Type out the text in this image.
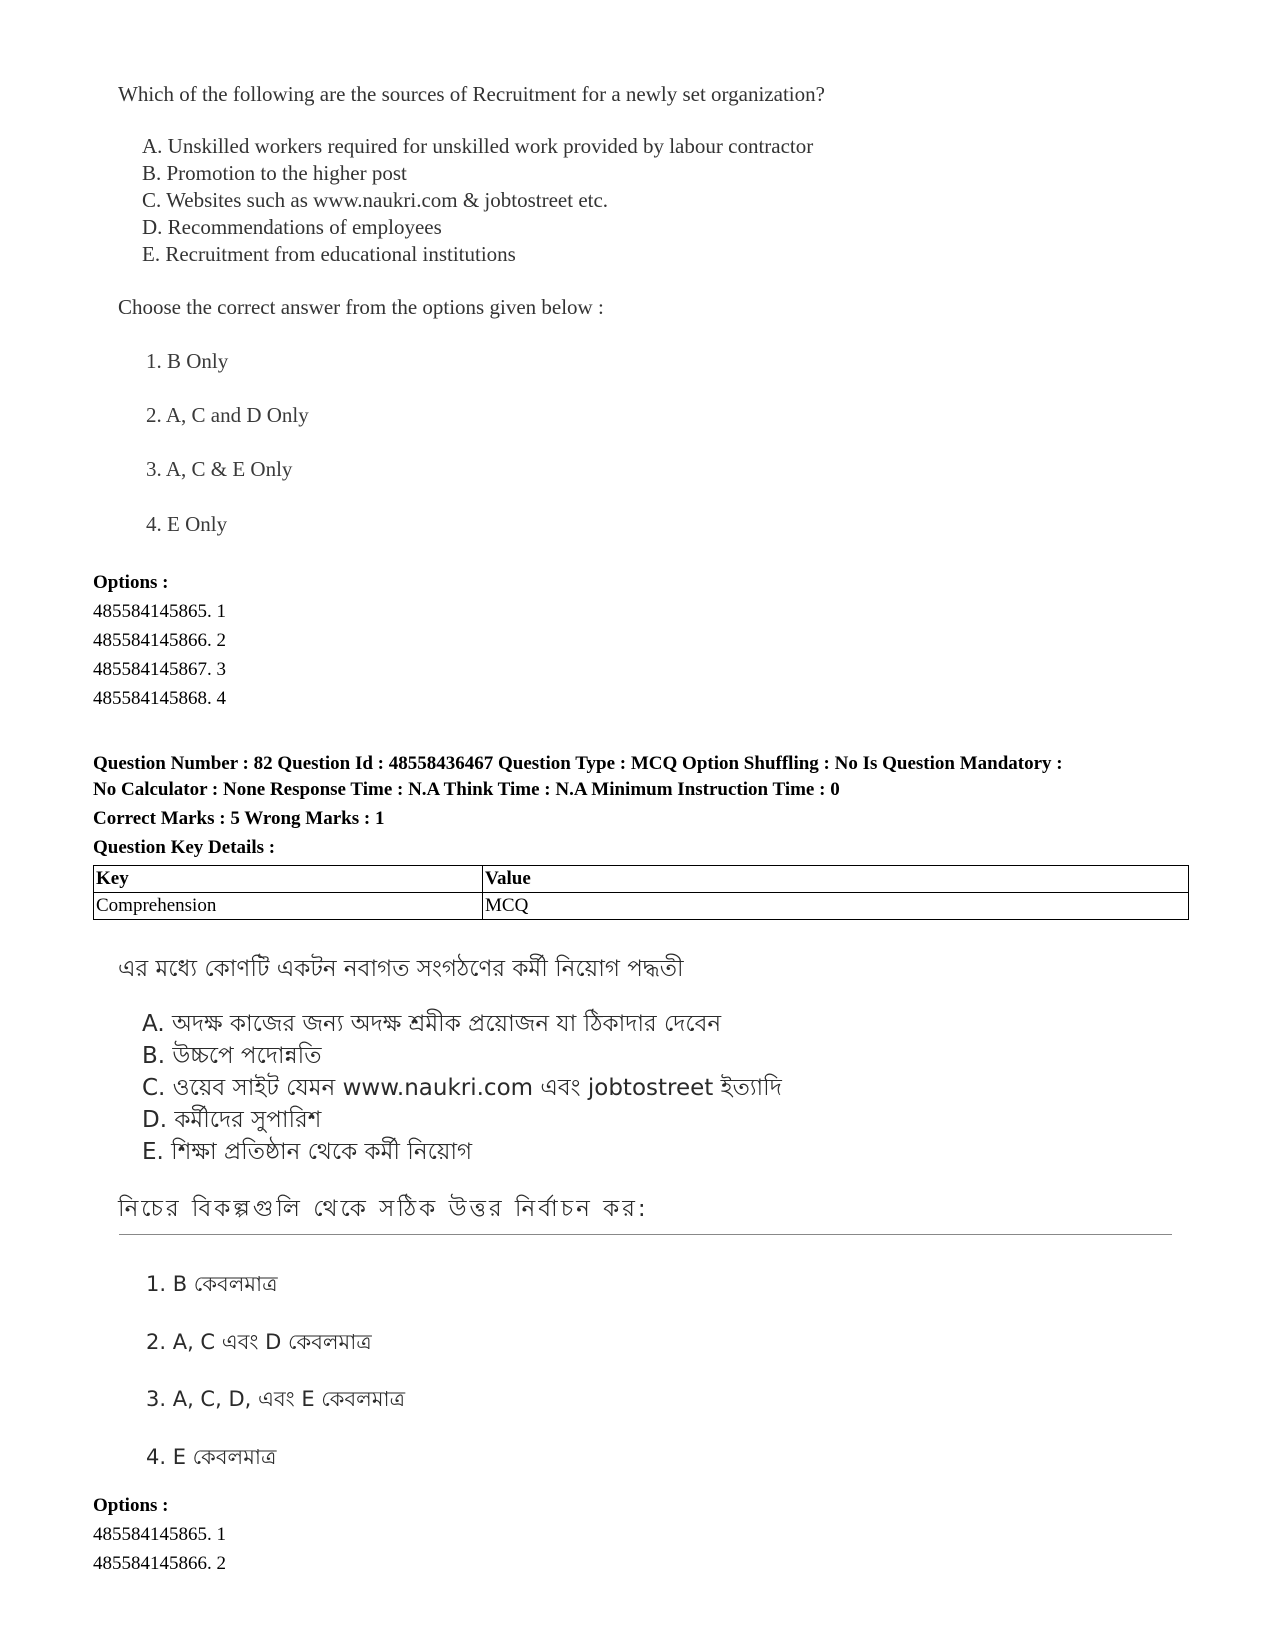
Which of the following are the sources of Recruitment for a newly set organization?
A. Unskilled workers required for unskilled work provided by labour contractor
B. Promotion to the higher post
C. Websites such as www.naukri.com & jobtostreet etc.
D. Recommendations of employees
E. Recruitment from educational institutions
Choose the correct answer from the options given below :
1. B Only
2. A, C and D Only
3. A, C & E Only
4. E Only
Options :
485584145865. 1
485584145866. 2
485584145867. 3
485584145868. 4
Question Number : 82 Question Id : 48558436467 Question Type : MCQ Option Shuffling : No Is Question Mandatory :
No Calculator : None Response Time : N.A Think Time : N.A Minimum Instruction Time : 0
Correct Marks : 5 Wrong Marks : 1
Question Key Details :
Key	Value
Comprehension	MCQ
এর মধ্যে কোণটি একটন নবাগত সংগঠণের কর্মী নিয়োগ পদ্ধতী
A. অদক্ষ কাজের জন্য অদক্ষ শ্রমীক প্রয়োজন যা ঠিকাদার দেবেন
B. উচ্চপে পদোন্নতি
C. ওয়েব সাইট যেমন www.naukri.com এবং jobtostreet ইত্যাদি
D. কর্মীদের সুপারিশ
E. শিক্ষা প্রতিষ্ঠান থেকে কর্মী নিয়োগ
নিচের বিকল্পগুলি থেকে সঠিক উত্তর নির্বাচন কর:
1. B কেবলমাত্র
2. A, C এবং D কেবলমাত্র
3. A, C, D, এবং E কেবলমাত্র
4. E কেবলমাত্র
Options :
485584145865. 1
485584145866. 2
